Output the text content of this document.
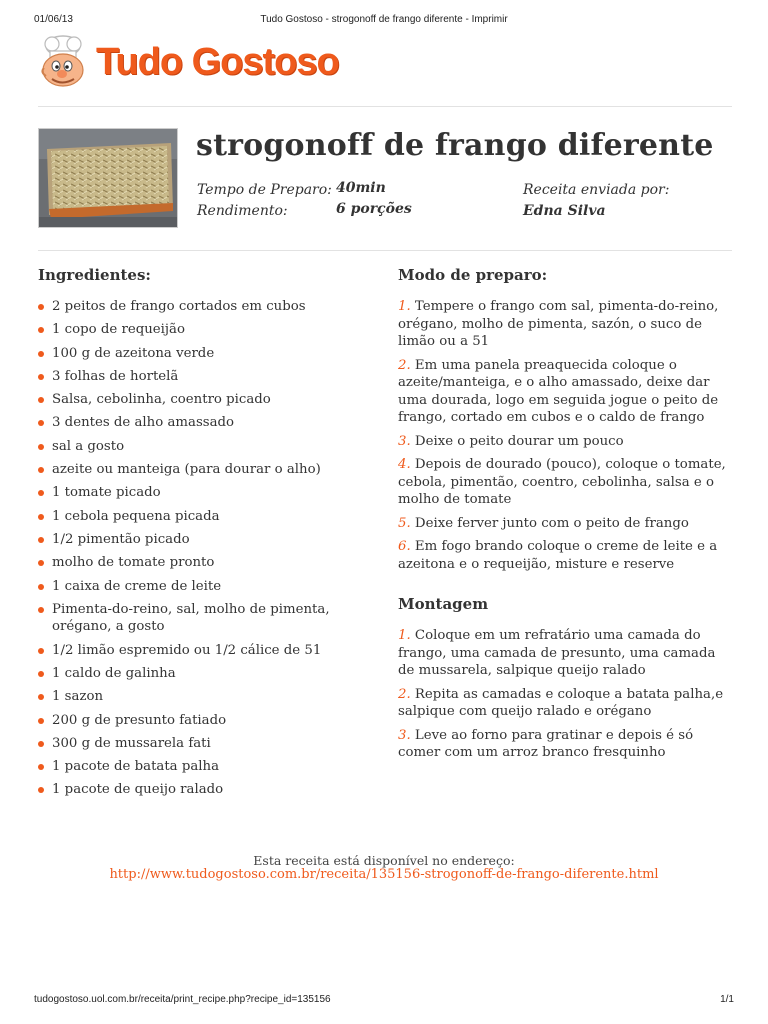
01/06/13	Tudo Gostoso - strogonoff de frango diferente - Imprimir
Tudo Gostoso
strogonoff de frango diferente
Tempo de Preparo: 40min
Rendimento:	6 porções
Receita enviada por:
Edna Silva
Ingredientes:
2 peitos de frango cortados em cubos
1 copo de requeijão
100 g de azeitona verde
3 folhas de hortelã
Salsa, cebolinha, coentro picado
3 dentes de alho amassado
sal a gosto
azeite ou manteiga (para dourar o alho)
1 tomate picado
1 cebola pequena picada
1/2 pimentão picado
molho de tomate pronto
1 caixa de creme de leite
Pimenta-do-reino, sal, molho de pimenta, orégano, a gosto
1/2 limão espremido ou 1/2 cálice de 51
1 caldo de galinha
1 sazon
200 g de presunto fatiado
300 g de mussarela fati
1 pacote de batata palha
1 pacote de queijo ralado
Modo de preparo:
1. Tempere o frango com sal, pimenta-do-reino, orégano, molho de pimenta, sazón, o suco de limão ou a 51
2. Em uma panela preaquecida coloque o azeite/manteiga, e o alho amassado, deixe dar uma dourada, logo em seguida jogue o peito de frango, cortado em cubos e o caldo de frango
3. Deixe o peito dourar um pouco
4. Depois de dourado (pouco), coloque o tomate, cebola, pimentão, coentro, cebolinha, salsa e o molho de tomate
5. Deixe ferver junto com o peito de frango
6. Em fogo brando coloque o creme de leite e a azeitona e o requeijão, misture e reserve
Montagem
1. Coloque em um refratário uma camada do frango, uma camada de presunto, uma camada de mussarela, salpique queijo ralado
2. Repita as camadas e coloque a batata palha,e salpique com queijo ralado e orégano
3. Leve ao forno para gratinar e depois é só comer com um arroz branco fresquinho
Esta receita está disponível no endereço:
http://www.tudogostoso.com.br/receita/135156-strogonoff-de-frango-diferente.html
tudogostoso.uol.com.br/receita/print_recipe.php?recipe_id=135156	1/1
